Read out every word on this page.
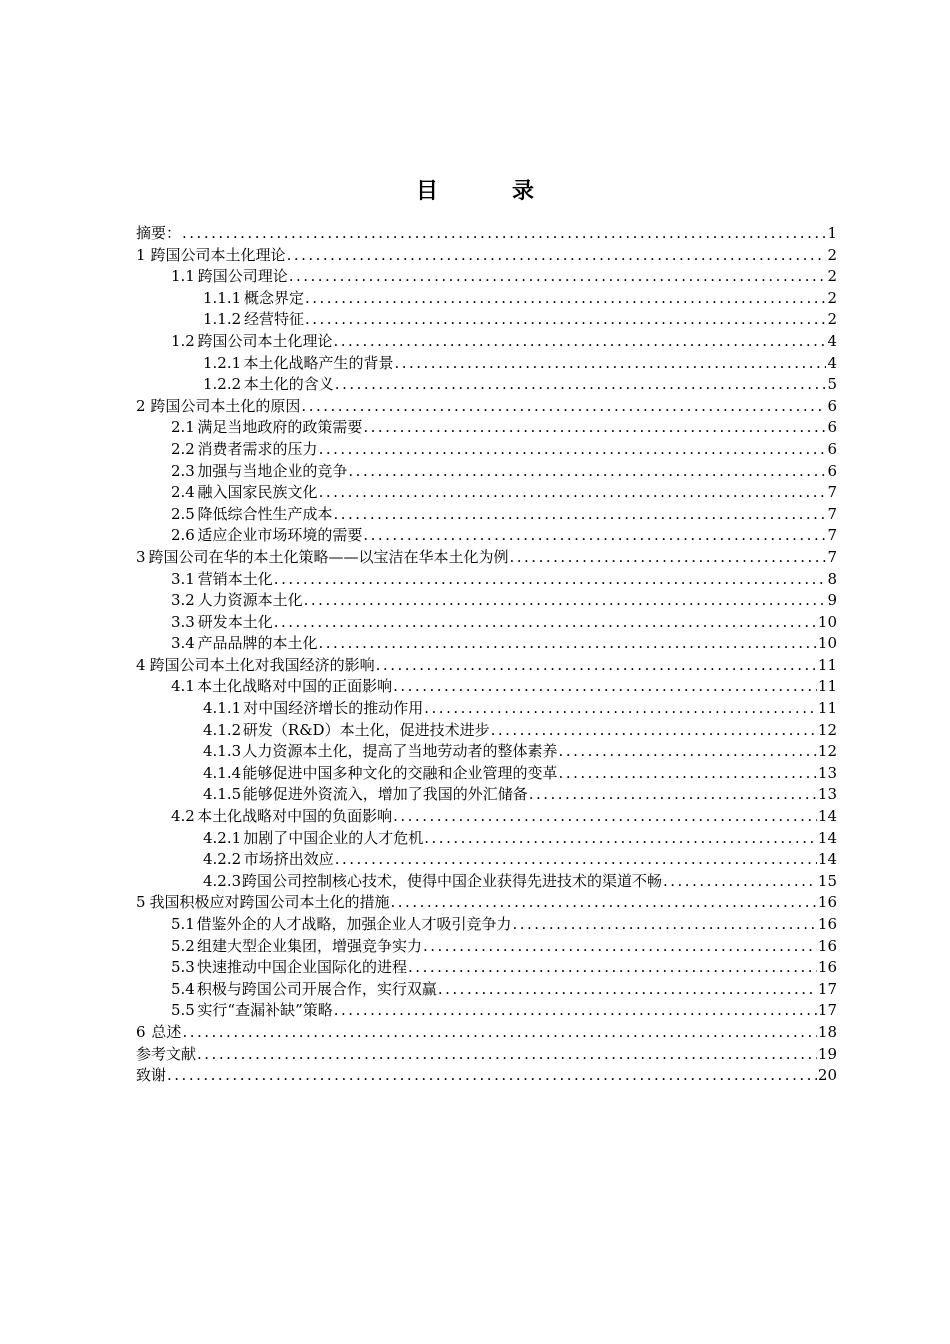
目　录
摘要： .....	1
1 跨国公司本土化理论 .....	2
1.1 跨国公司理论 .....	2
1.1.1 概念界定 .....	2
1.1.2 经营特征 .....	2
1.2 跨国公司本土化理论 .....	4
1.2.1 本土化战略产生的背景 .....	4
1.2.2 本土化的含义 .....	5
2 跨国公司本土化的原因 .....	6
2.1 满足当地政府的政策需要 .....	6
2.2 消费者需求的压力 .....	6
2.3 加强与当地企业的竞争 .....	6
2.4 融入国家民族文化 .....	7
2.5 降低综合性生产成本 .....	7
2.6 适应企业市场环境的需要 .....	7
3 跨国公司在华的本土化策略——以宝洁在华本土化为例 .....	7
3.1 营销本土化 .....	8
3.2 人力资源本土化 .....	9
3.3 研发本土化 .....	10
3.4 产品品牌的本土化 .....	10
4 跨国公司本土化对我国经济的影响 .....	11
4.1 本土化战略对中国的正面影响 .....	11
4.1.1 对中国经济增长的推动作用 .....	11
4.1.2 研发（R&D）本土化，促进技术进步 .....	12
4.1.3 人力资源本土化，提高了当地劳动者的整体素养 .....	12
4.1.4 能够促进中国多种文化的交融和企业管理的变革 .....	13
4.1.5 能够促进外资流入，增加了我国的外汇储备 .....	13
4.2 本土化战略对中国的负面影响 .....	14
4.2.1 加剧了中国企业的人才危机 .....	14
4.2.2 市场挤出效应 .....	14
4.2.3 跨国公司控制核心技术，使得中国企业获得先进技术的渠道不畅 .....	15
5 我国积极应对跨国公司本土化的措施 .....	16
5.1 借鉴外企的人才战略，加强企业人才吸引竞争力 .....	16
5.2 组建大型企业集团，增强竞争实力 .....	16
5.3 快速推动中国企业国际化的进程 .....	16
5.4 积极与跨国公司开展合作，实行双赢 .....	17
5.5 实行“查漏补缺”策略 .....	17
6 总述 .....	18
参考文献 .....	19
致谢 .....	20
